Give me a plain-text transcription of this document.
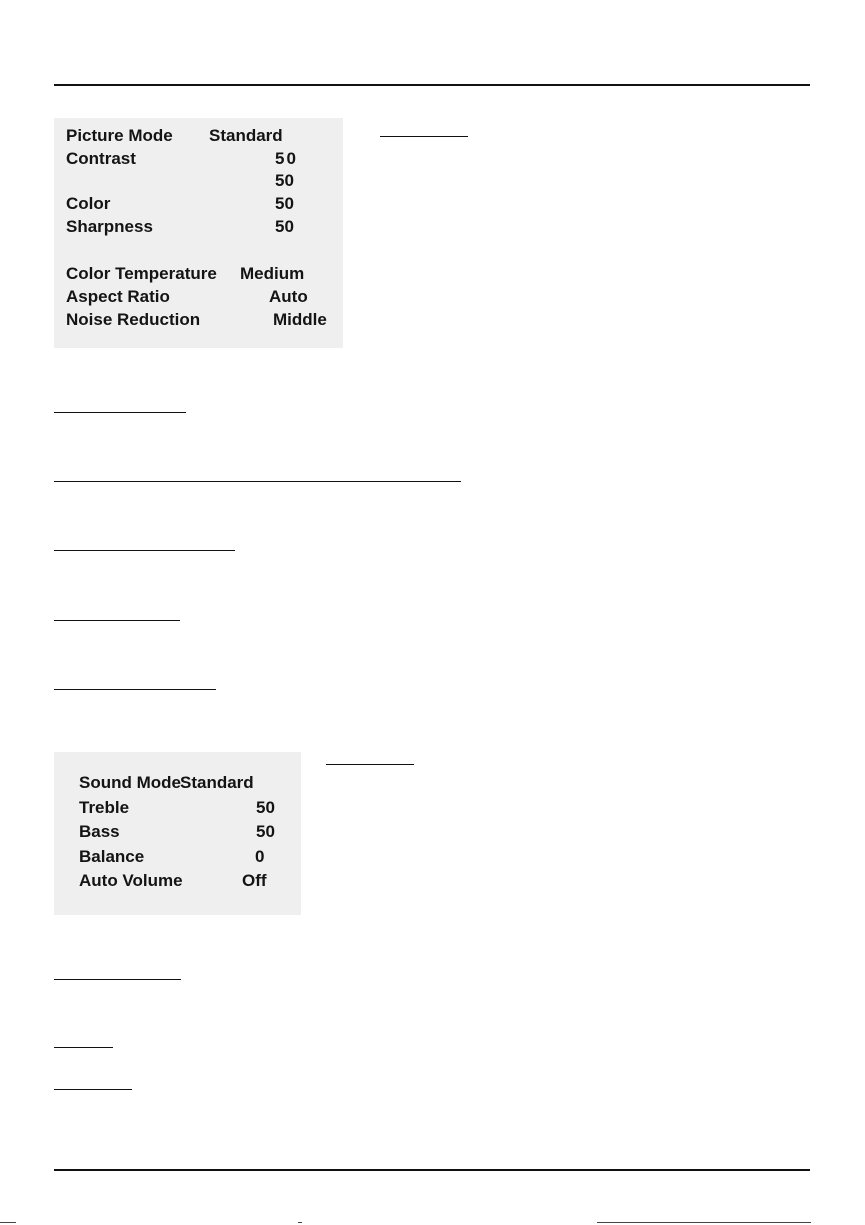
Picture Mode Standard
Contrast	50
50
Color	50
Sharpness	50
Color Temperature Medium
Aspect Ratio	Auto
Noise Reduction	Middle
Sound Mode Standard
Treble	50
Bass	50
Balance	0
Auto Volume	Off
